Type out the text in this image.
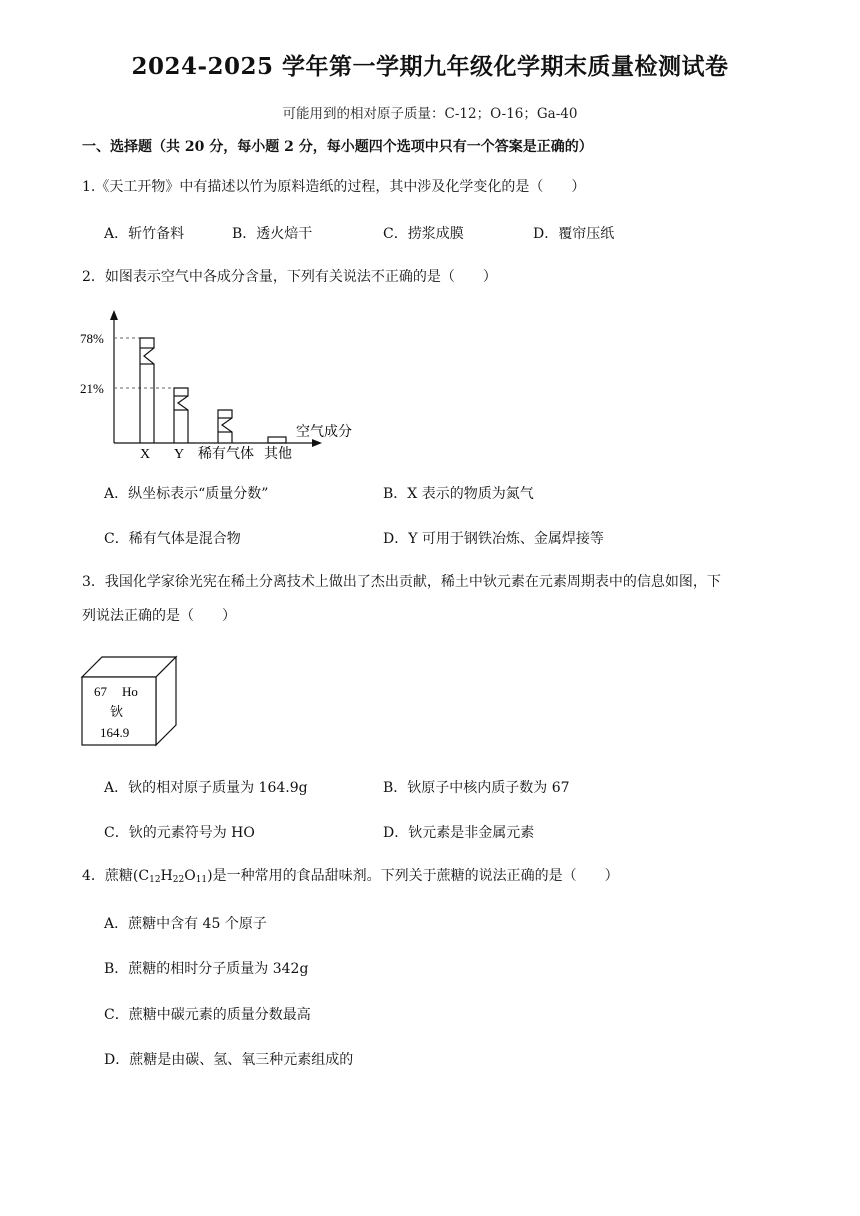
2024-2025 学年第一学期九年级化学期末质量检测试卷
可能用到的相对原子质量：C-12；O-16；Ga-40
一、选择题（共 20 分，每小题 2 分，每小题四个选项中只有一个答案是正确的）
1.《天工开物》中有描述以竹为原料造纸的过程，其中涉及化学变化的是（　　）
A．斩竹备料	B．透火焙干	C．捞浆成膜	D．覆帘压纸
2．如图表示空气中各成分含量，下列有关说法不正确的是（　　）
78%
21%
X Y 稀有气体 其他
空气成分
A．纵坐标表示“质量分数”	B．X 表示的物质为氮气
C．稀有气体是混合物	D．Y 可用于钢铁冶炼、金属焊接等
3．我国化学家徐光宪在稀土分离技术上做出了杰出贡献，稀土中钬元素在元素周期表中的信息如图，下
列说法正确的是（　　）
67 Ho
钬
164.9
A．钬的相对原子质量为 164.9g	B．钬原子中核内质子数为 67
C．钬的元素符号为 HO	D．钬元素是非金属元素
4．蔗糖$(C_{12}H_{22}O_{11})$是一种常用的食品甜味剂。下列关于蔗糖的说法正确的是（　　）
A．蔗糖中含有 45 个原子
B．蔗糖的相时分子质量为 342g
C．蔗糖中碳元素的质量分数最高
D．蔗糖是由碳、氢、氧三种元素组成的
